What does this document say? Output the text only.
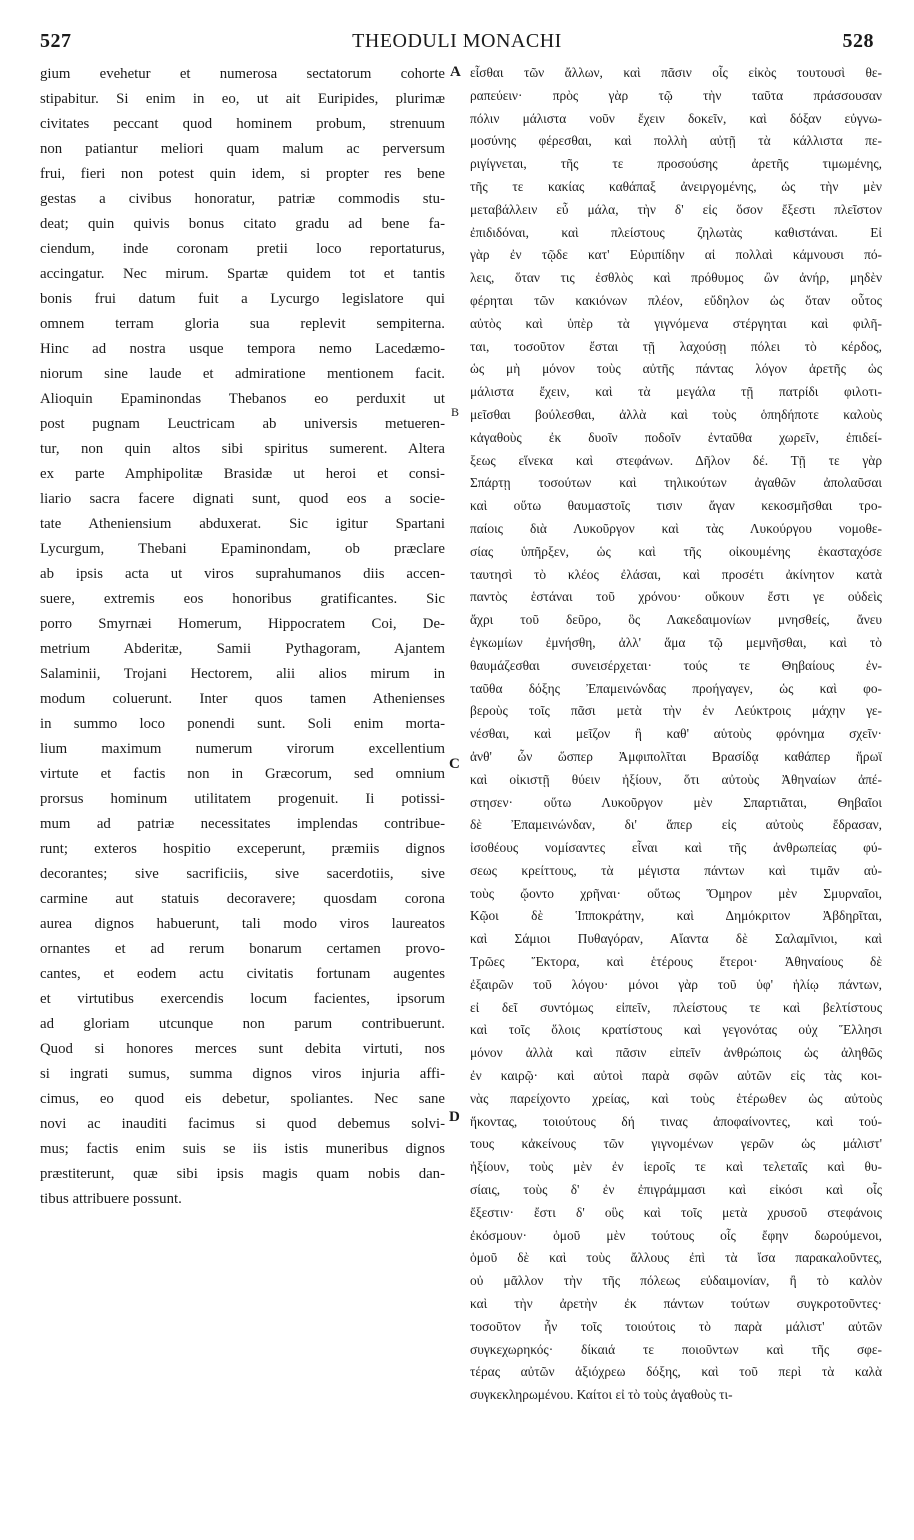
527	THEODULI MONACHI	528
gium evehetur et numerosa sectatorum cohorte
stipabitur. Si enim in eo, ut ait Euripides, plurimæ
civitates peccant quod hominem probum, strenuum
non patiantur meliori quam malum ac perversum
frui, fieri non potest quin idem, si propter res bene
gestas a civibus honoratur, patriæ commodis stu-
deat; quin quivis bonus citato gradu ad bene fa-
ciendum, inde coronam pretii loco reportaturus,
accingatur. Nec mirum. Spartæ quidem tot et tantis
bonis frui datum fuit a Lycurgo legislatore qui
omnem terram gloria sua replevit sempiterna.
Hinc ad nostra usque tempora nemo Lacedæmo-
niorum sine laude et admiratione mentionem facit.
Alioquin Epaminondas Thebanos eo perduxit ut
post pugnam Leuctricam ab universis metueren-
tur, non quin altos sibi spiritus sumerent. Altera
ex parte Amphipolitæ Brasidæ ut heroi et consi-
liario sacra facere dignati sunt, quod eos a socie-
tate Atheniensium abduxerat. Sic igitur Spartani
Lycurgum, Thebani Epaminondam, ob præclare
ab ipsis acta ut viros suprahumanos diis accen-
suere, extremis eos honoribus gratificantes. Sic
porro Smyrnæi Homerum, Hippocratem Coi, De-
metrium Abderitæ, Samii Pythagoram, Ajantem
Salaminii, Trojani Hectorem, alii alios mirum in
modum coluerunt. Inter quos tamen Athenienses
in summo loco ponendi sunt. Soli enim morta-
lium maximum numerum virorum excellentium
virtute et factis non in Græcorum, sed omnium
prorsus hominum utilitatem progenuit. Ii potissi-
mum ad patriæ necessitates implendas contribue-
runt; exteros hospitio exceperunt, præmiis dignos
decorantes; sive sacrificiis, sive sacerdotiis, sive
carmine aut statuis decoravere; quosdam corona
aurea dignos habuerunt, tali modo viros laureatos
ornantes et ad rerum bonarum certamen provo-
cantes, et eodem actu civitatis fortunam augentes
et virtutibus exercendis locum facientes, ipsorum
ad gloriam utcunque non parum contribuerunt.
Quod si honores merces sunt debita virtuti, nos
si ingrati sumus, summa dignos viros injuria affi-
cimus, eo quod eis debetur, spoliantes. Nec sane
novi ac inauditi facimus si quod debemus solvi-
mus; factis enim suis se iis istis muneribus dignos
præstiterunt, quæ sibi ipsis magis quam nobis dan-
tibus attribuere possunt.
εἶσθαι τῶν ἄλλων, καὶ πᾶσιν οἷς εἰκὸς τουτουσὶ θε-
ραπεύειν· πρὸς γὰρ τῷ τὴν ταῦτα πράσσουσαν
πόλιν μάλιστα νοῦν ἔχειν δοκεῖν, καὶ δόξαν εὐγνω-
μοσύνης φέρεσθαι, καὶ πολλὴ αὐτῇ τὰ κάλλιστα πε-
ριγίγνεται, τῆς τε προσούσης ἀρετῆς τιμωμένης,
τῆς τε κακίας καθάπαξ ἀνειργομένης, ὡς τὴν μὲν
μεταβάλλειν εὖ μάλα, τὴν δ' εἰς ὅσον ἔξεστι πλεῖστον
ἐπιδιδόναι, καὶ πλείστους ζηλωτὰς καθιστάναι. Εἰ
γὰρ ἐν τῷδε κατ' Εὐριπίδην αἱ πολλαὶ κάμνουσι πό-
λεις, ὅταν τις ἐσθλὸς καὶ πρόθυμος ὢν ἀνήρ, μηδὲν
φέρηται τῶν κακιόνων πλέον, εὔδηλον ὡς ὅταν οὗτος
αὐτὸς καὶ ὑπὲρ τὰ γιγνόμενα στέργηται καὶ φιλῆ-
ται, τοσοῦτον ἔσται τῇ λαχούσῃ πόλει τὸ κέρδος,
ὡς μὴ μόνον τοὺς αὐτῆς πάντας λόγον ἀρετῆς ὡς
μάλιστα ἔχειν, καὶ τὰ μεγάλα τῇ πατρίδι φιλοτι-
μεῖσθαι βούλεσθαι, ἀλλὰ καὶ τοὺς ὁπηδήποτε καλοὺς
κἀγαθοὺς ἐκ δυοῖν ποδοῖν ἐνταῦθα χωρεῖν, ἐπιδεί-
ξεως εἵνεκα καὶ στεφάνων. Δῆλον δέ. Τῇ τε γὰρ
Σπάρτῃ τοσούτων καὶ τηλικούτων ἀγαθῶν ἀπολαῦσαι
καὶ οὕτω θαυμαστοῖς τισιν ἄγαν κεκοσμῆσθαι τρο-
παίοις διὰ Λυκοῦργον καὶ τὰς Λυκούργου νομοθε-
σίας ὑπῆρξεν, ὡς καὶ τῆς οἰκουμένης ἑκασταχόσε
ταυτησὶ τὸ κλέος ἐλάσαι, καὶ προσέτι ἀκίνητον κατὰ
παντὸς ἑστάναι τοῦ χρόνου· οὔκουν ἔστι γε οὐδεὶς
ἄχρι τοῦ δεῦρο, ὃς Λακεδαιμονίων μνησθείς, ἄνευ
ἐγκωμίων ἐμνήσθη, ἀλλ' ἅμα τῷ μεμνῆσθαι, καὶ τὸ
θαυμάζεσθαι συνεισέρχεται· τούς τε Θηβαίους ἐν-
ταῦθα δόξης Ἐπαμεινώνδας προήγαγεν, ὡς καὶ φο-
βεροὺς τοῖς πᾶσι μετὰ τὴν ἐν Λεύκτροις μάχην γε-
νέσθαι, καὶ μεῖζον ἢ καθ' αὑτοὺς φρόνημα σχεῖν·
ἀνθ' ὧν ὥσπερ Ἀμφιπολῖται Βρασίδᾳ καθάπερ ἥρωϊ
καὶ οἰκιστῇ θύειν ἠξίουν, ὅτι αὐτοὺς Ἀθηναίων ἀπέ-
στησεν· οὕτω Λυκοῦργον μὲν Σπαρτιᾶται, Θηβαῖοι
δὲ Ἐπαμεινώνδαν, δι' ἅπερ εἰς αὐτοὺς ἔδρασαν,
ἰσοθέους νομίσαντες εἶναι καὶ τῆς ἀνθρωπείας φύ-
σεως κρείττους, τὰ μέγιστα πάντων καὶ τιμᾶν αὐ-
τοὺς ᾤοντο χρῆναι· οὕτως Ὅμηρον μὲν Σμυρναῖοι,
Κῷοι δὲ Ἱπποκράτην, καὶ Δημόκριτον Ἀβδηρῖται,
καὶ Σάμιοι Πυθαγόραν, Αἴαντα δὲ Σαλαμῖνιοι, καὶ
Τρῶες Ἕκτορα, καὶ ἑτέρους ἕτεροι· Ἀθηναίους δὲ
ἐξαιρῶν τοῦ λόγου· μόνοι γὰρ τοῦ ὑφ' ἡλίῳ πάντων,
εἰ δεῖ συντόμως εἰπεῖν, πλείστους τε καὶ βελτίστους
καὶ τοῖς ὅλοις κρατίστους καὶ γεγονότας οὐχ Ἕλλησι
μόνον ἀλλὰ καὶ πᾶσιν εἰπεῖν ἀνθρώποις ὡς ἀληθῶς
ἐν καιρῷ· καὶ αὐτοὶ παρὰ σφῶν αὐτῶν εἰς τὰς κοι-
νὰς παρείχοντο χρείας, καὶ τοὺς ἑτέρωθεν ὡς αὐτοὺς
ἥκοντας, τοιούτους δή τινας ἀποφαίνοντες, καὶ τού-
τους κἀκείνους τῶν γιγνομένων γερῶν ὡς μάλιστ'
ἠξίουν, τοὺς μὲν ἐν ἱεροῖς τε καὶ τελεταῖς καὶ θυ-
σίαις, τοὺς δ' ἐν ἐπιγράμμασι καὶ εἰκόσι καὶ οἷς
ἔξεστιν· ἔστι δ' οὓς καὶ τοῖς μετὰ χρυσοῦ στεφάνοις
ἐκόσμουν· ὁμοῦ μὲν τούτους οἷς ἔφην δωρούμενοι,
ὁμοῦ δὲ καὶ τοὺς ἄλλους ἐπὶ τὰ ἴσα παρακαλοῦντες,
οὐ μᾶλλον τὴν τῆς πόλεως εὐδαιμονίαν, ἢ τὸ καλὸν
καὶ τὴν ἀρετὴν ἐκ πάντων τούτων συγκροτοῦντες·
τοσοῦτον ἦν τοῖς τοιούτοις τὸ παρὰ μάλιστ' αὐτῶν
συγκεχωρηκός· δίκαιά τε ποιοῦντων καὶ τῆς σφε-
τέρας αὐτῶν ἀξιόχρεω δόξης, καὶ τοῦ περὶ τὰ καλὰ
συγκεκληρωμένου. Καίτοι εἰ τὸ τοὺς ἀγαθοὺς τι-
A
B
C
D
